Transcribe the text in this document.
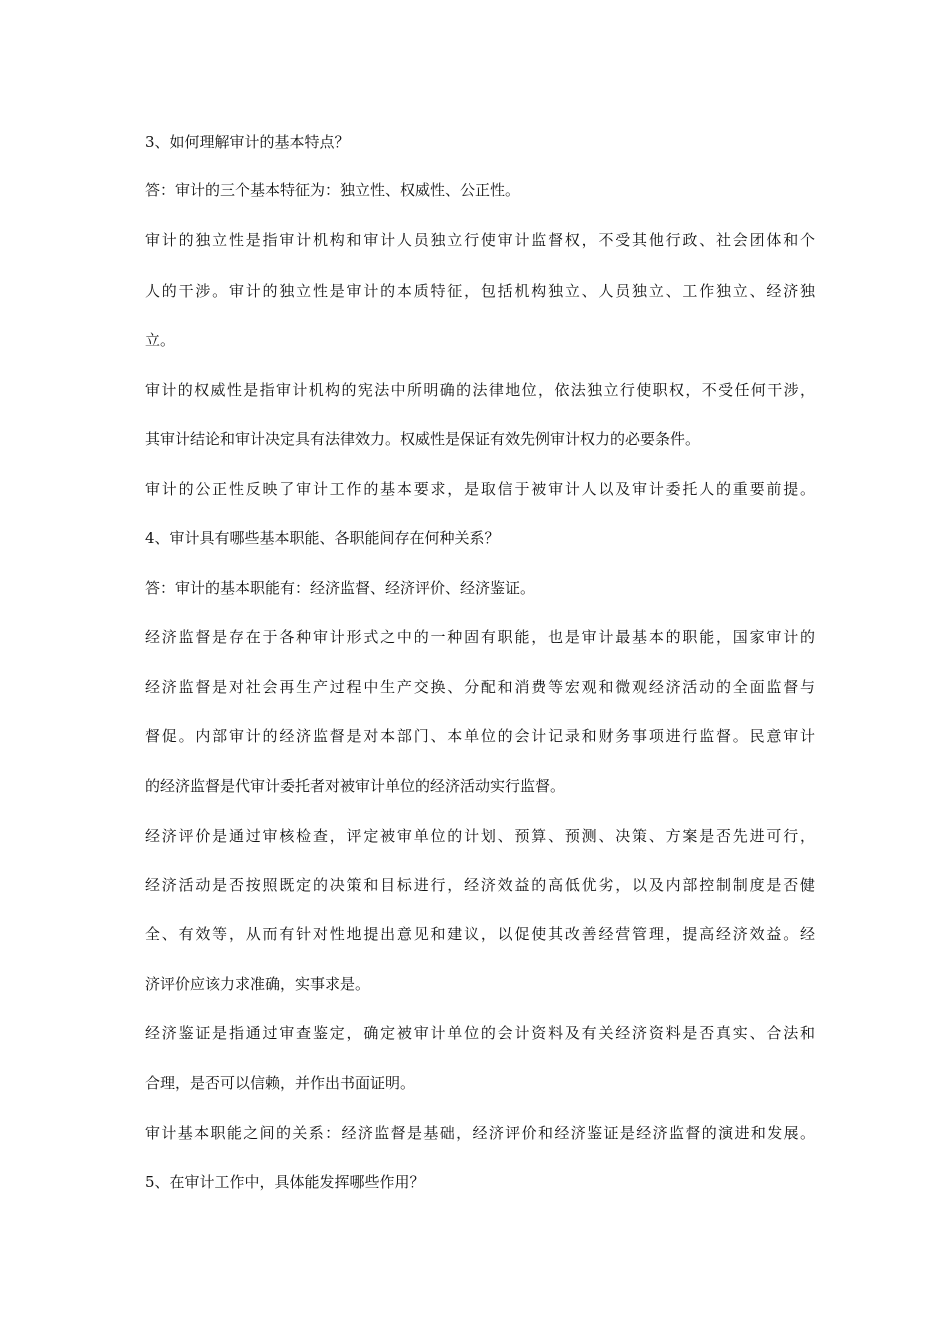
3、如何理解审计的基本特点？

答：审计的三个基本特征为：独立性、权威性、公正性。

审计的独立性是指审计机构和审计人员独立行使审计监督权，不受其他行政、社会团体和个

人的干涉。审计的独立性是审计的本质特征，包括机构独立、人员独立、工作独立、经济独

立。

审计的权威性是指审计机构的宪法中所明确的法律地位，依法独立行使职权，不受任何干涉，

其审计结论和审计决定具有法律效力。权威性是保证有效先例审计权力的必要条件。

审计的公正性反映了审计工作的基本要求，是取信于被审计人以及审计委托人的重要前提。

4、审计具有哪些基本职能、各职能间存在何种关系？

答：审计的基本职能有：经济监督、经济评价、经济鉴证。

经济监督是存在于各种审计形式之中的一种固有职能，也是审计最基本的职能，国家审计的

经济监督是对社会再生产过程中生产交换、分配和消费等宏观和微观经济活动的全面监督与

督促。内部审计的经济监督是对本部门、本单位的会计记录和财务事项进行监督。民意审计

的经济监督是代审计委托者对被审计单位的经济活动实行监督。

经济评价是通过审核检查，评定被审单位的计划、预算、预测、决策、方案是否先进可行，

经济活动是否按照既定的决策和目标进行，经济效益的高低优劣，以及内部控制制度是否健

全、有效等，从而有针对性地提出意见和建议，以促使其改善经营管理，提高经济效益。经

济评价应该力求准确，实事求是。

经济鉴证是指通过审查鉴定，确定被审计单位的会计资料及有关经济资料是否真实、合法和

合理，是否可以信赖，并作出书面证明。

审计基本职能之间的关系：经济监督是基础，经济评价和经济鉴证是经济监督的演进和发展。

5、在审计工作中，具体能发挥哪些作用？
